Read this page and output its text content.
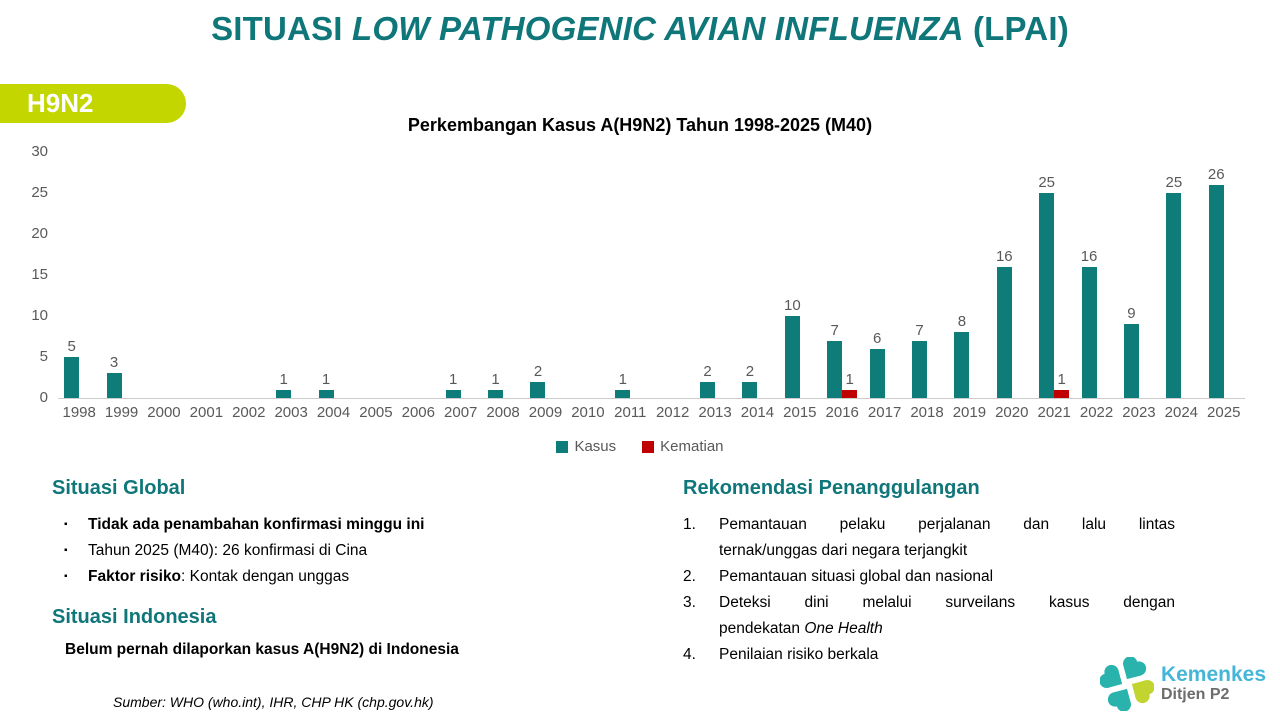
SITUASI LOW PATHOGENIC AVIAN INFLUENZA (LPAI)
H9N2
Perkembangan Kasus A(H9N2) Tahun 1998-2025 (M40)
0
5
10
15
20
25
30
5
3
1 1	1 1 2	1	2 2
10
7
1
6 7 8
16
25
1
16
9
25 26
1998 1999 2000 2001 2002 2003 2004 2005 2006 2007 2008 2009 2010 2011 2012 2013 2014 2015 2016 2017 2018 2019 2020 2021 2022 2023 2024 2025
Kasus	Kematian
Situasi Global
▪ Tidak ada penambahan konfirmasi minggu ini
▪ Tahun 2025 (M40): 26 konfirmasi di Cina
▪ Faktor risiko: Kontak dengan unggas
Situasi Indonesia
Belum pernah dilaporkan kasus A(H9N2) di Indonesia
Rekomendasi Penanggulangan
1.	Pemantauan pelaku perjalanan dan lalu lintas
ternak/unggas dari negara terjangkit
2.	Pemantauan situasi global dan nasional
3.	Deteksi dini melalui surveilans kasus dengan
pendekatan One Health
4.	Penilaian risiko berkala
Sumber: WHO (who.int), IHR, CHP HK (chp.gov.hk)
Kemenkes
Ditjen P2
